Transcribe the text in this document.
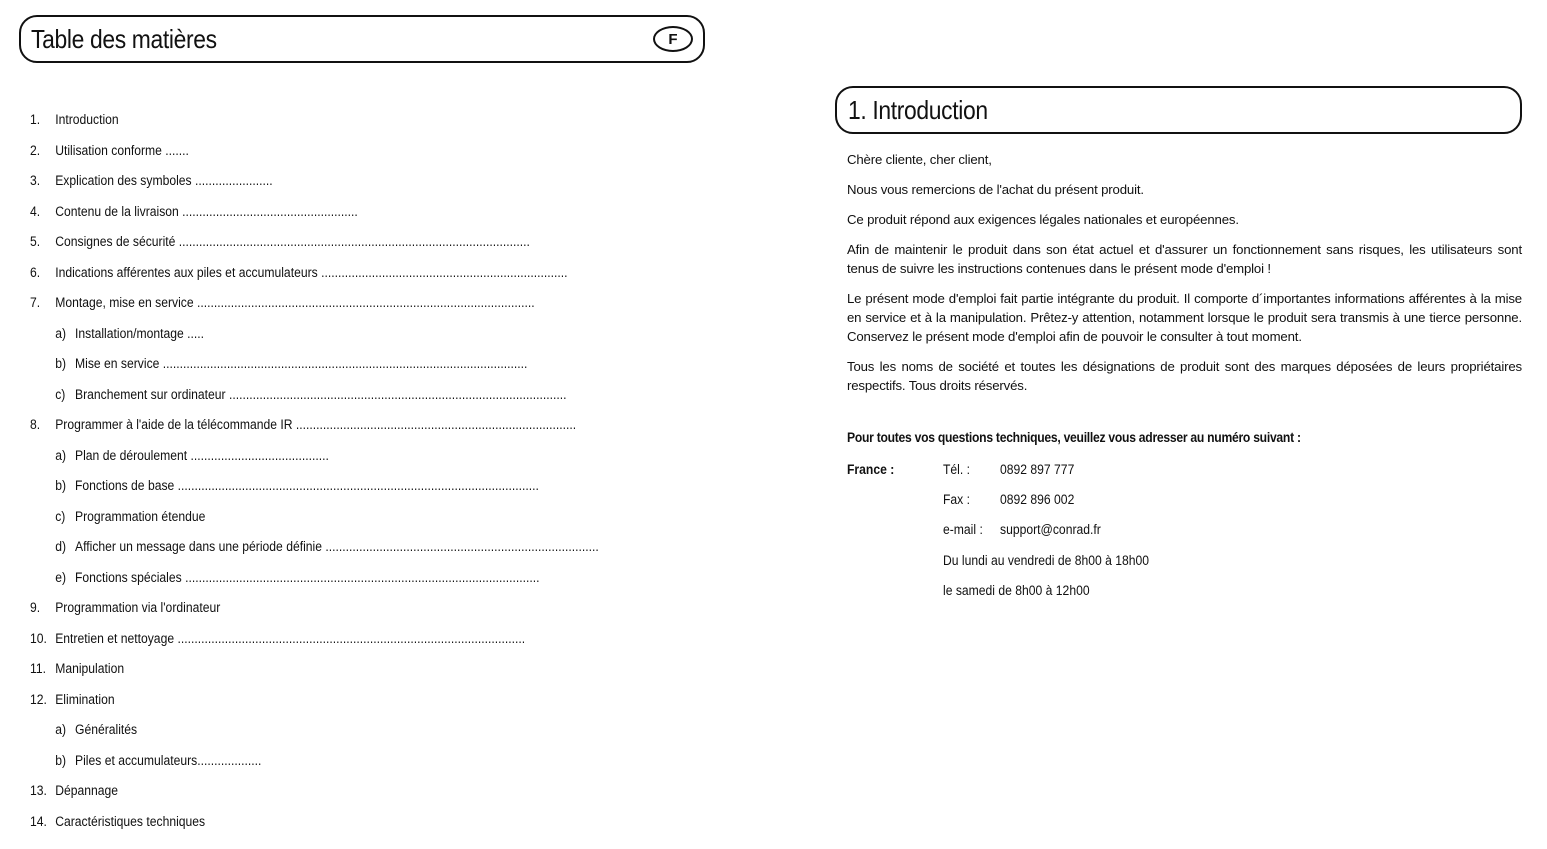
Table des matières	F
1. Introduction
2. Utilisation conforme .......
3. Explication des symboles .......................
4. Contenu de la livraison ....................................................
5. Consignes de sécurité ........................................................................................................
6. Indications afférentes aux piles et accumulateurs .........................................................................
7. Montage, mise en service ....................................................................................................
a) Installation/montage .....
b) Mise en service ............................................................................................................
c) Branchement sur ordinateur ....................................................................................................
8. Programmer à l'aide de la télécommande IR ...................................................................................
a) Plan de déroulement .........................................
b) Fonctions de base ...........................................................................................................
c) Programmation étendue
d) Afficher un message dans une période définie .................................................................................
e) Fonctions spéciales .........................................................................................................
9. Programmation via l'ordinateur
10. Entretien et nettoyage .......................................................................................................
11. Manipulation
12. Elimination
a) Généralités
b) Piles et accumulateurs...................
13. Dépannage
14. Caractéristiques techniques
1. Introduction

Chère cliente, cher client,

Nous vous remercions de l'achat du présent produit.

Ce produit répond aux exigences légales nationales et européennes.

Afin de maintenir le produit dans son état actuel et d'assurer un fonctionnement sans risques, les utilisateurs sont tenus de suivre les instructions contenues dans le présent mode d'emploi !

Le présent mode d'emploi fait partie intégrante du produit. Il comporte d´importantes informations afférentes à la mise en service et à la manipulation. Prêtez-y attention, notamment lorsque le produit sera transmis à une tierce personne. Conservez le présent mode d'emploi afin de pouvoir le consulter à tout moment.

Tous les noms de société et toutes les désignations de produit sont des marques déposées de leurs propriétaires respectifs. Tous droits réservés.

Pour toutes vos questions techniques, veuillez vous adresser au numéro suivant :
France :	Tél. : 0892 897 777
Fax : 0892 896 002
e-mail : support@conrad.fr
Du lundi au vendredi de 8h00 à 18h00
le samedi de 8h00 à 12h00
